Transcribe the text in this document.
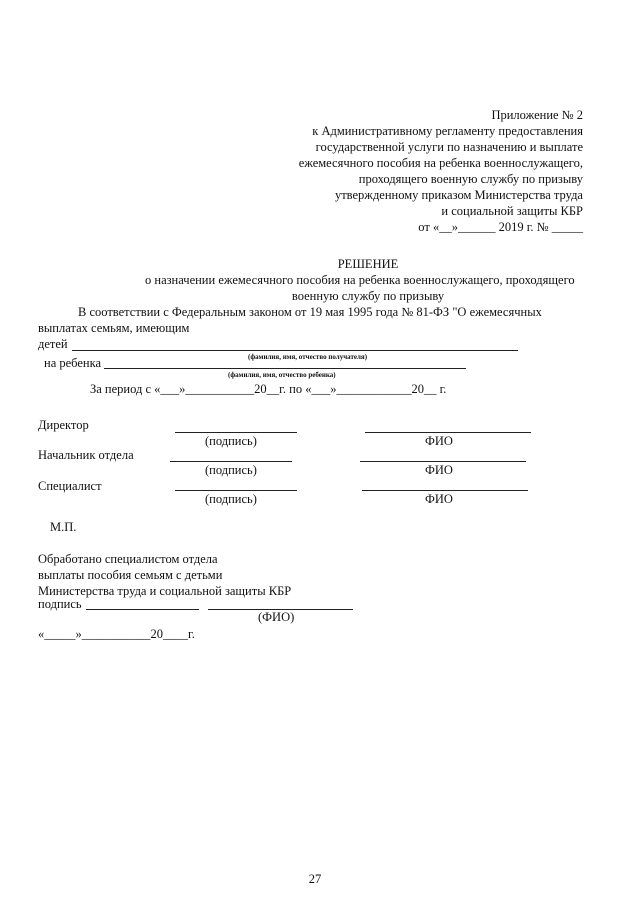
Приложение № 2
к Административному регламенту предоставления
государственной услуги по назначению и выплате
ежемесячного пособия на ребенка военнослужащего,
проходящего военную службу по призыву
утвержденному приказом Министерства труда
и социальной защиты КБР
от «__»______ 2019 г. № _____
РЕШЕНИЕ
о назначении ежемесячного пособия на ребенка военнослужащего, проходящего
военную службу по призыву
В соответствии с Федеральным законом от 19 мая 1995 года № 81-ФЗ "О ежемесячных
выплатах семьям, имеющим
детей
(фамилия, имя, отчество получателя)
на ребенка
(фамилия, имя, отчество ребенка)
За период с «___»___________20__г. по «___»____________20__ г.
Директор
(подпись)	ФИО
Начальник отдела
(подпись)	ФИО
Специалист
(подпись)	ФИО
М.П.
Обработано специалистом отдела
выплаты пособия семьям с детьми
Министерства труда и социальной защиты КБР
подпись
(ФИО)
«_____»___________20____г.
27
